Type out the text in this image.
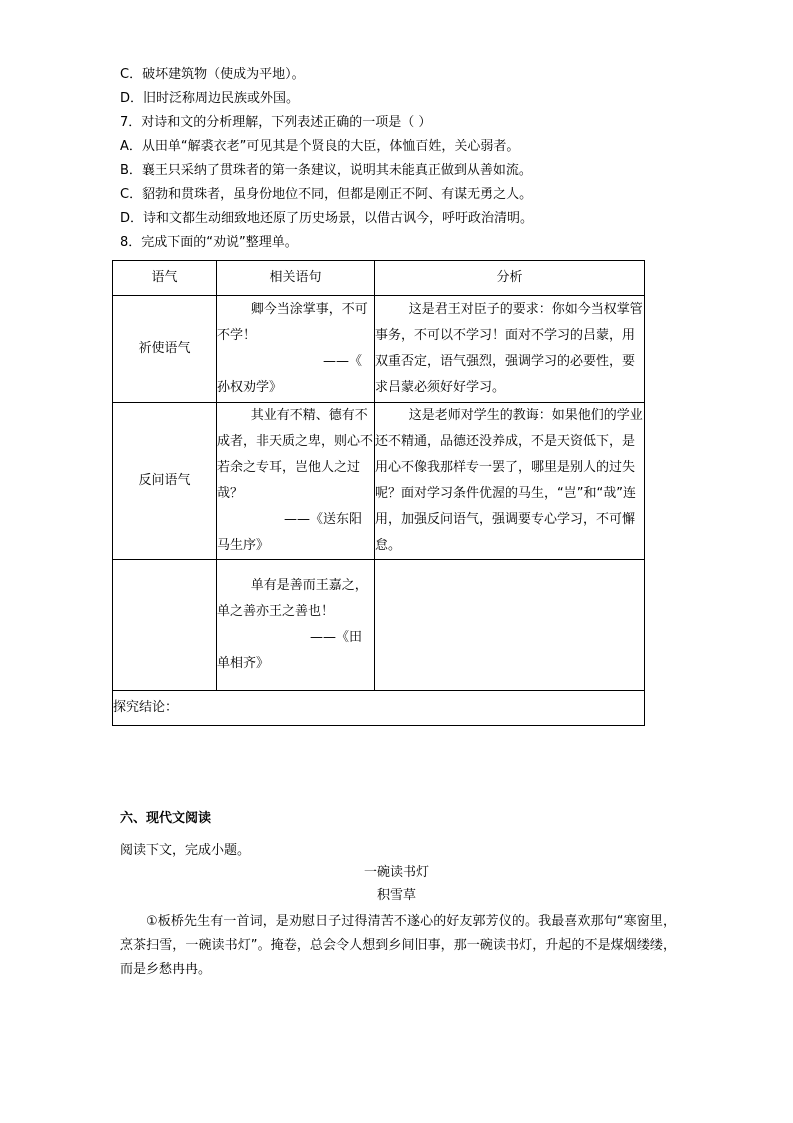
C．破坏建筑物（使成为平地）。
D．旧时泛称周边民族或外国。
7．对诗和文的分析理解，下列表述正确的一项是（ ）
A．从田单“解裘衣老”可见其是个贤良的大臣，体恤百姓，关心弱者。
B．襄王只采纳了贯珠者的第一条建议，说明其未能真正做到从善如流。
C．貂勃和贯珠者，虽身份地位不同，但都是刚正不阿、有谋无勇之人。
D．诗和文都生动细致地还原了历史场景，以借古讽今，呼吁政治清明。
8．完成下面的“劝说”整理单。
语气	相关语句	分析
祈使语气	卿今当涂掌事，不可不学！

——《

孙权劝学》	这是君王对臣子的要求：你如今当权掌管事务，不可以不学习！面对不学习的吕蒙，用双重否定，语气强烈，强调学习的必要性，要求吕蒙必须好好学习。

反问语气	其业有不精、德有不成者，非天质之卑，则心不若余之专耳，岂他人之过哉？

——《送东阳

马生序》	这是老师对学生的教诲：如果他们的学业还不精通，品德还没养成，不是天资低下，是用心不像我那样专一罢了，哪里是别人的过失呢？面对学习条件优渥的马生，“岂”和“哉”连用，加强反问语气，强调要专心学习，不可懈怠。

	单有是善而王嘉之，单之善亦王之善也！

——《田

单相齐》	

探究结论：		
六、现代文阅读
阅读下文，完成小题。
一碗读书灯
积雪草
①板桥先生有一首词，是劝慰日子过得清苦不遂心的好友郭芳仪的。我最喜欢那句“寒窗里，烹茶扫雪，一碗读书灯”。掩卷，总会令人想到乡间旧事，那一碗读书灯，升起的不是煤烟缕缕，而是乡愁冉冉。
